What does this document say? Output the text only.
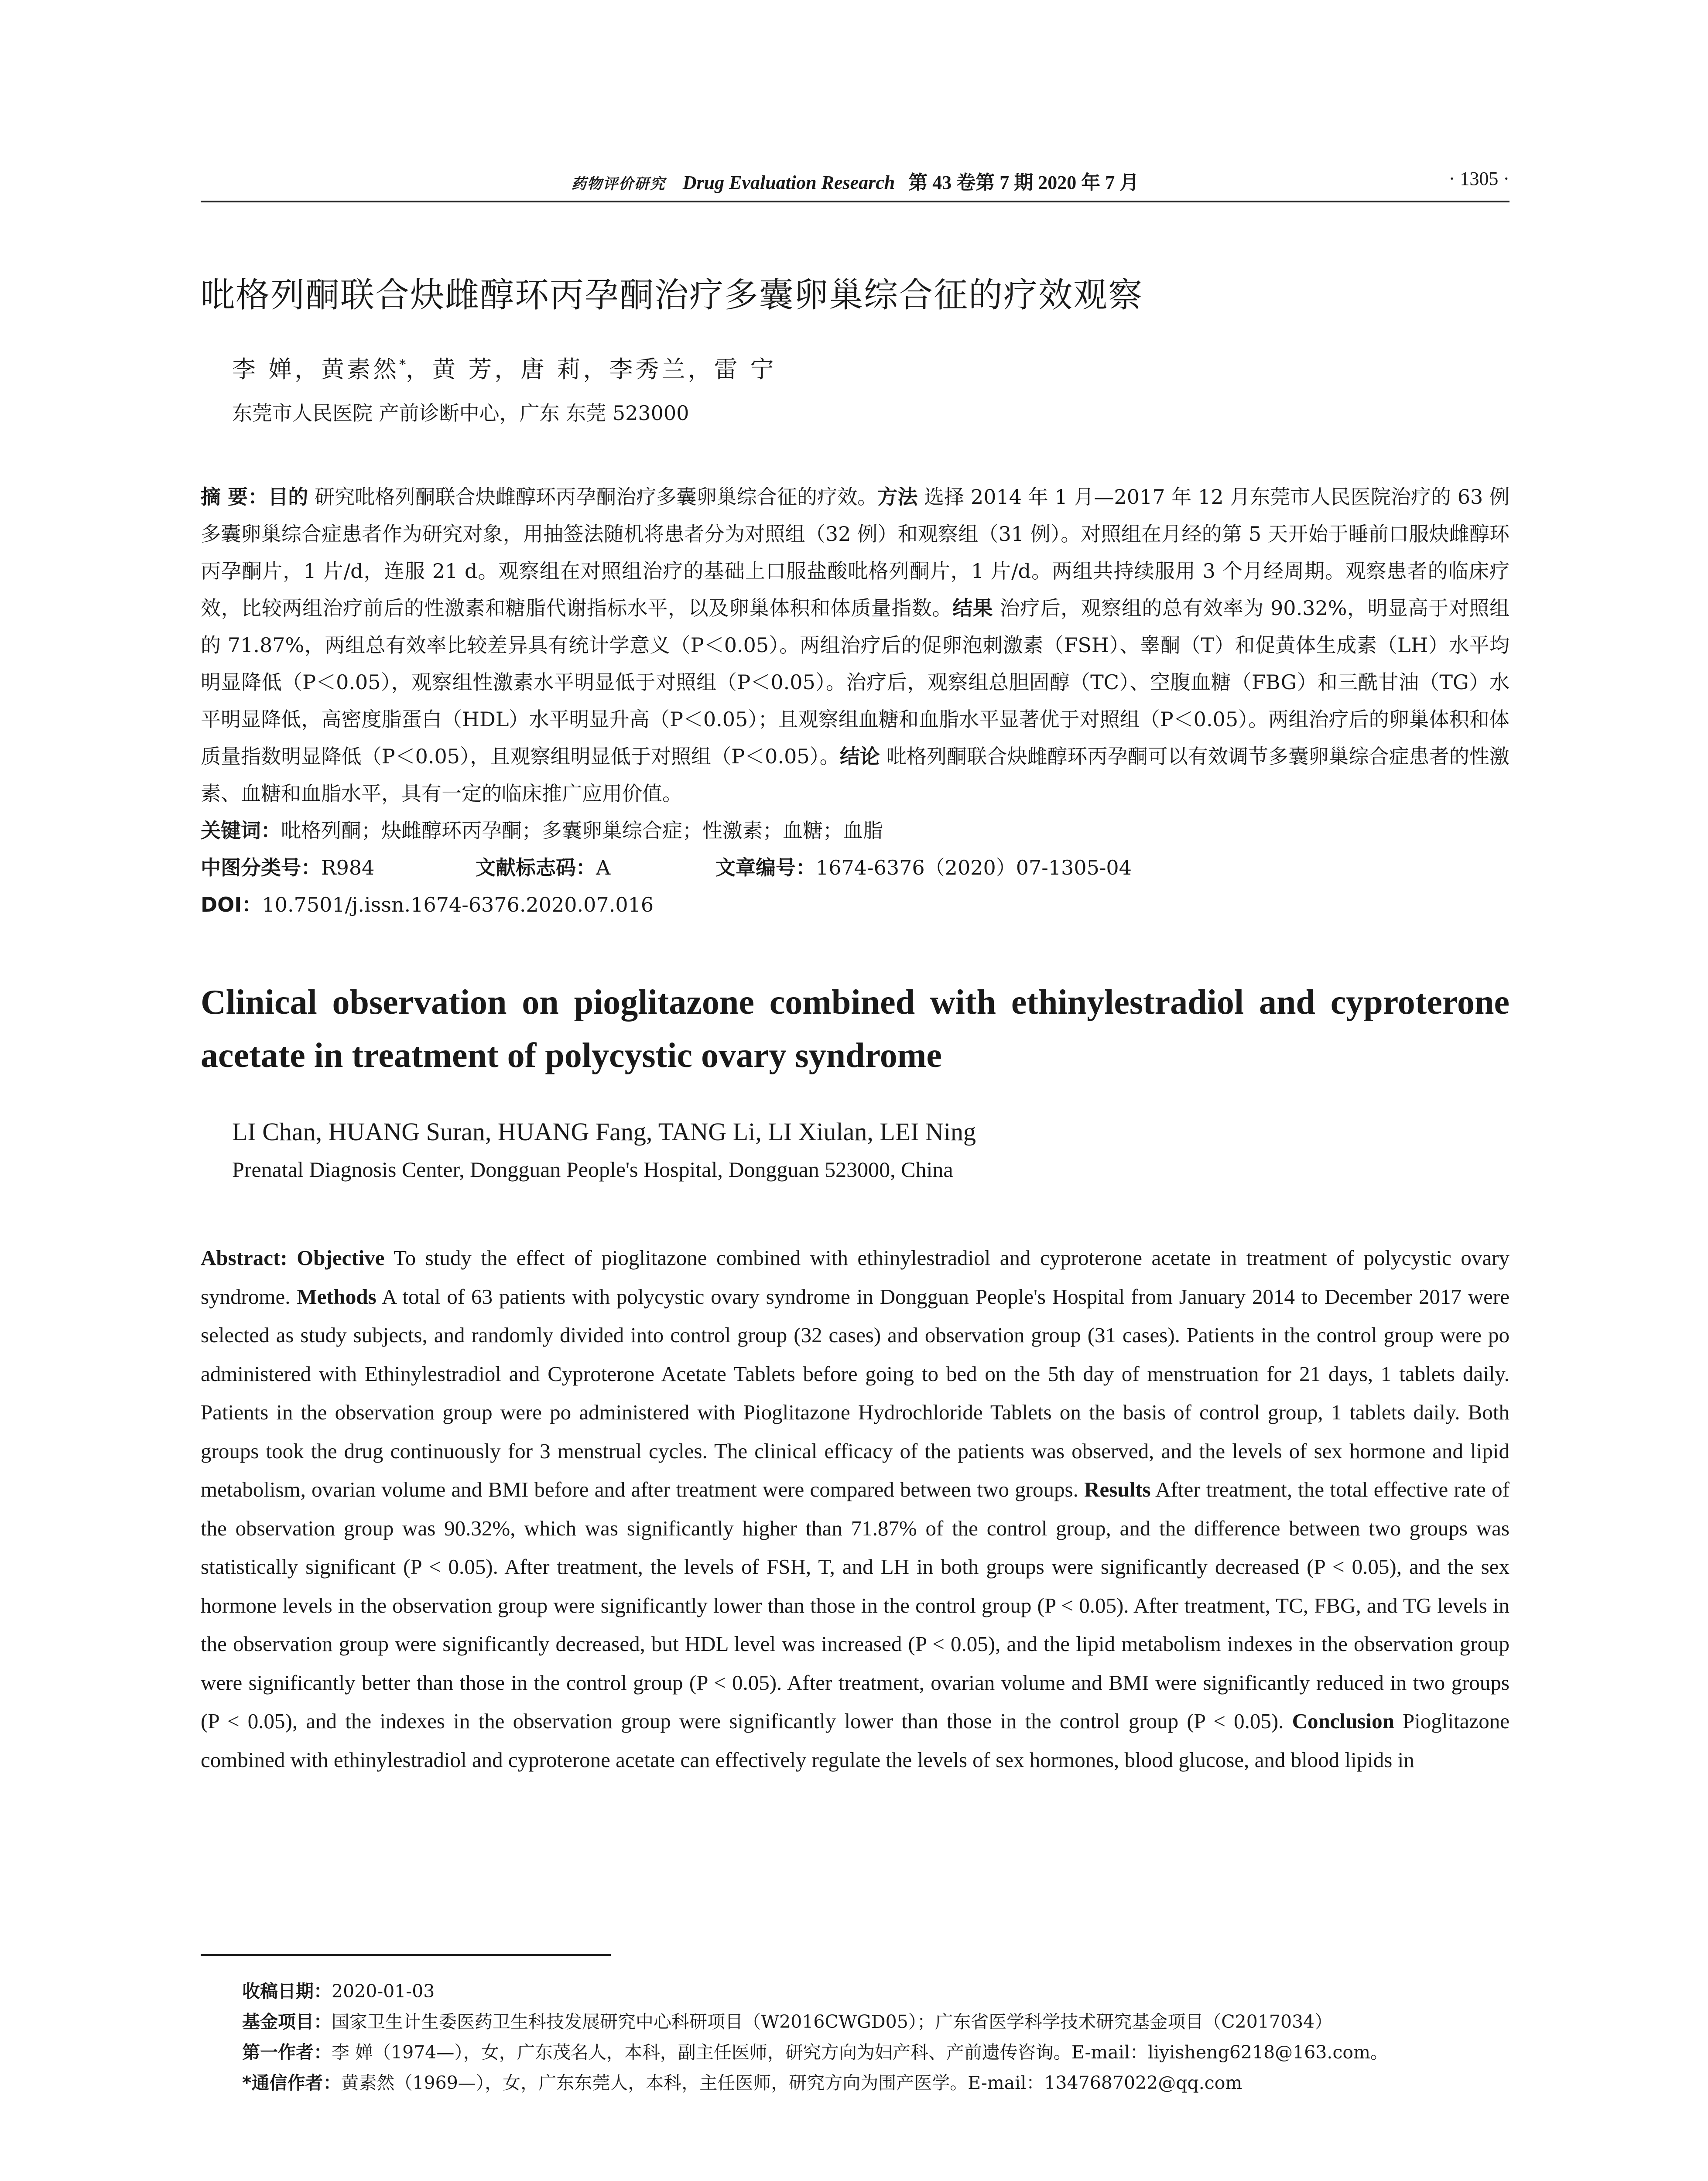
药物评价研究 Drug Evaluation Research 第 43 卷第 7 期 2020 年 7 月	· 1305 ·
吡格列酮联合炔雌醇环丙孕酮治疗多囊卵巢综合征的疗效观察
李 婵，黄素然*，黄 芳，唐 莉，李秀兰，雷 宁
东莞市人民医院 产前诊断中心，广东 东莞 523000
摘 要：目的 研究吡格列酮联合炔雌醇环丙孕酮治疗多囊卵巢综合征的疗效。方法 选择 2014 年 1 月—2017 年 12 月东莞市人民医院治疗的 63 例多囊卵巢综合症患者作为研究对象，用抽签法随机将患者分为对照组（32 例）和观察组（31 例）。对照组在月经的第 5 天开始于睡前口服炔雌醇环丙孕酮片，1 片/d，连服 21 d。观察组在对照组治疗的基础上口服盐酸吡格列酮片，1 片/d。两组共持续服用 3 个月经周期。观察患者的临床疗效，比较两组治疗前后的性激素和糖脂代谢指标水平，以及卵巢体积和体质量指数。结果 治疗后，观察组的总有效率为 90.32%，明显高于对照组的 71.87%，两组总有效率比较差异具有统计学意义（P＜0.05）。两组治疗后的促卵泡刺激素（FSH）、睾酮（T）和促黄体生成素（LH）水平均明显降低（P＜0.05），观察组性激素水平明显低于对照组（P＜0.05）。治疗后，观察组总胆固醇（TC）、空腹血糖（FBG）和三酰甘油（TG）水平明显降低，高密度脂蛋白（HDL）水平明显升高（P＜0.05）；且观察组血糖和血脂水平显著优于对照组（P＜0.05）。两组治疗后的卵巢体积和体质量指数明显降低（P＜0.05），且观察组明显低于对照组（P＜0.05）。结论 吡格列酮联合炔雌醇环丙孕酮可以有效调节多囊卵巢综合症患者的性激素、血糖和血脂水平，具有一定的临床推广应用价值。
关键词：吡格列酮；炔雌醇环丙孕酮；多囊卵巢综合症；性激素；血糖；血脂
中图分类号：R984	文献标志码：A	文章编号：1674-6376（2020）07-1305-04
DOI：10.7501/j.issn.1674-6376.2020.07.016
Clinical observation on pioglitazone combined with ethinylestradiol and cyproterone acetate in treatment of polycystic ovary syndrome
LI Chan, HUANG Suran, HUANG Fang, TANG Li, LI Xiulan, LEI Ning
Prenatal Diagnosis Center, Dongguan People's Hospital, Dongguan 523000, China
Abstract: Objective To study the effect of pioglitazone combined with ethinylestradiol and cyproterone acetate in treatment of polycystic ovary syndrome. Methods A total of 63 patients with polycystic ovary syndrome in Dongguan People's Hospital from January 2014 to December 2017 were selected as study subjects, and randomly divided into control group (32 cases) and observation group (31 cases). Patients in the control group were po administered with Ethinylestradiol and Cyproterone Acetate Tablets before going to bed on the 5th day of menstruation for 21 days, 1 tablets daily. Patients in the observation group were po administered with Pioglitazone Hydrochloride Tablets on the basis of control group, 1 tablets daily. Both groups took the drug continuously for 3 menstrual cycles. The clinical efficacy of the patients was observed, and the levels of sex hormone and lipid metabolism, ovarian volume and BMI before and after treatment were compared between two groups. Results After treatment, the total effective rate of the observation group was 90.32%, which was significantly higher than 71.87% of the control group, and the difference between two groups was statistically significant (P < 0.05). After treatment, the levels of FSH, T, and LH in both groups were significantly decreased (P < 0.05), and the sex hormone levels in the observation group were significantly lower than those in the control group (P < 0.05). After treatment, TC, FBG, and TG levels in the observation group were significantly decreased, but HDL level was increased (P < 0.05), and the lipid metabolism indexes in the observation group were significantly better than those in the control group (P < 0.05). After treatment, ovarian volume and BMI were significantly reduced in two groups (P < 0.05), and the indexes in the observation group were significantly lower than those in the control group (P < 0.05). Conclusion Pioglitazone combined with ethinylestradiol and cyproterone acetate can effectively regulate the levels of sex hormones, blood glucose, and blood lipids in
收稿日期：2020-01-03
基金项目：国家卫生计生委医药卫生科技发展研究中心科研项目（W2016CWGD05）；广东省医学科学技术研究基金项目（C2017034）
第一作者：李 婵（1974—），女，广东茂名人，本科，副主任医师，研究方向为妇产科、产前遗传咨询。E-mail：liyisheng6218@163.com。
*通信作者：黄素然（1969—），女，广东东莞人，本科，主任医师，研究方向为围产医学。E-mail：1347687022@qq.com
